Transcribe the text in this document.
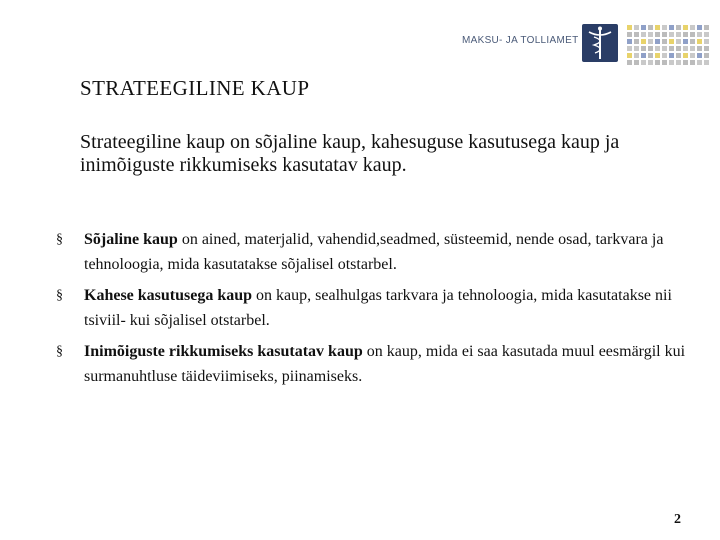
MAKSU- JA TOLLIAMET
STRATEEGILINE KAUP
Strateegiline kaup on sõjaline kaup, kahesuguse kasutusega kaup ja inimõiguste rikkumiseks kasutatav kaup.
§ Sõjaline kaup on ained, materjalid, vahendid,seadmed, süsteemid, nende osad, tarkvara ja tehnoloogia, mida kasutatakse sõjalisel otstarbel.
§ Kahese kasutusega kaup on kaup, sealhulgas tarkvara ja tehnoloogia, mida kasutatakse nii tsiviil- kui sõjalisel otstarbel.
§ Inimõiguste rikkumiseks kasutatav kaup on kaup, mida ei saa kasutada muul eesmärgil kui surmanuhtluse täideviimiseks, piinamiseks.
2
